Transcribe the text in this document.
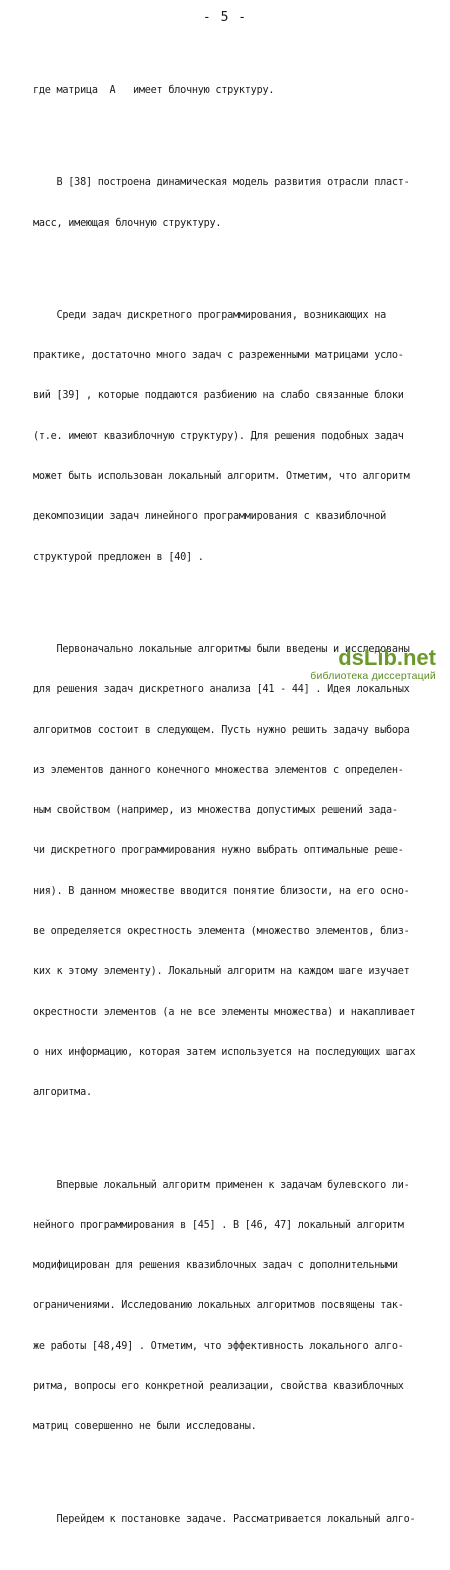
- 5 -

где матрица  A   имеет блочную структуру.

В [38] построена динамическая модель развития отрасли пласт-

масс, имеющая блочную структуру.

Среди задач дискретного программирования, возникающих на

практике, достаточно много задач с разреженными матрицами усло-

вий [39] , которые поддаются разбиению на слабо связанные блоки

(т.е. имеют квазиблочную структуру). Для решения подобных задач

может быть использован локальный алгоритм. Отметим, что алгоритм

декомпозиции задач линейного программирования с квазиблочной

структурой предложен в [40] .

Первоначально локальные алгоритмы были введены и исследованы

для решения задач дискретного анализа [41 - 44] . Идея локальных

алгоритмов состоит в следующем. Пусть нужно решить задачу выбора

из элементов данного конечного множества элементов с определен-

ным свойством (например, из множества допустимых решений зада-

чи дискретного программирования нужно выбрать оптимальные реше-

ния). В данном множестве вводится понятие близости, на его осно-

ве определяется окрестность элемента (множество элементов, близ-

ких к этому элементу). Локальный алгоритм на каждом шаге изучает

окрестности элементов (а не все элементы множества) и накапливает

о них информацию, которая затем используется на последующих шагах

алгоритма.

Впервые локальный алгоритм применен к задачам булевского ли-

нейного программирования в [45] . В [46, 47] локальный алгоритм

модифицирован для решения квазиблочных задач с дополнительными

ограничениями. Исследованию локальных алгоритмов посвящены так-

же работы [48,49] . Отметим, что эффективность локального алго-

ритма, вопросы его конкретной реализации, свойства квазиблочных

матриц совершенно не были исследованы.

Перейдем к постановке задаче. Рассматривается локальный алго-

dsLib.net
библиотека диссертаций
